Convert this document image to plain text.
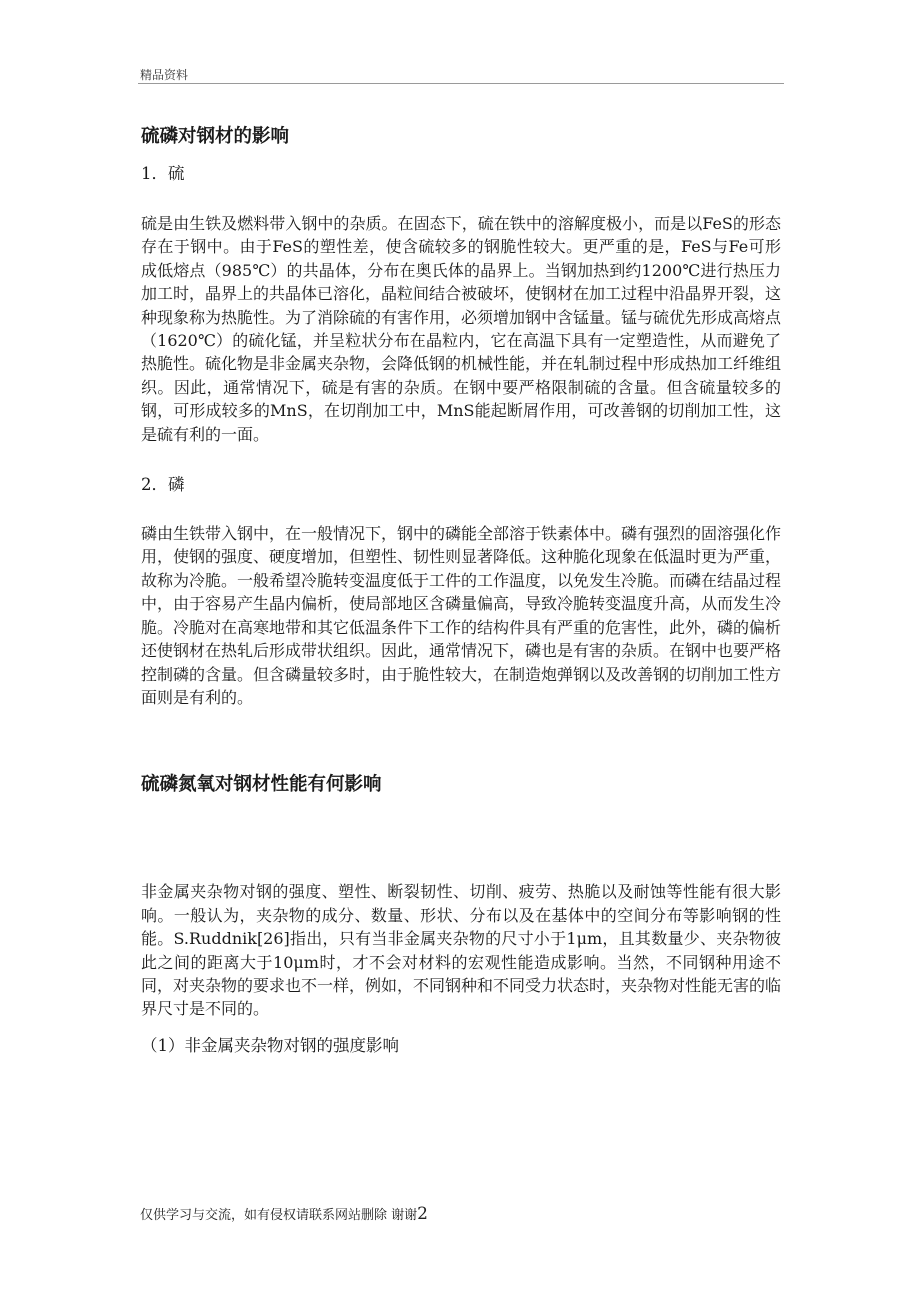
精品资料
硫磷对钢材的影响

1．硫

硫是由生铁及燃料带入钢中的杂质。在固态下，硫在铁中的溶解度极小，而是以FeS的形态存在于钢中。由于FeS的塑性差，使含硫较多的钢脆性较大。更严重的是，FeS与Fe可形成低熔点（985℃）的共晶体，分布在奥氏体的晶界上。当钢加热到约1200℃进行热压力加工时，晶界上的共晶体已溶化，晶粒间结合被破坏，使钢材在加工过程中沿晶界开裂，这种现象称为热脆性。为了消除硫的有害作用，必须增加钢中含锰量。锰与硫优先形成高熔点（1620℃）的硫化锰，并呈粒状分布在晶粒内，它在高温下具有一定塑造性，从而避免了热脆性。硫化物是非金属夹杂物，会降低钢的机械性能，并在轧制过程中形成热加工纤维组织。因此，通常情况下，硫是有害的杂质。在钢中要严格限制硫的含量。但含硫量较多的钢，可形成较多的MnS，在切削加工中，MnS能起断屑作用，可改善钢的切削加工性，这是硫有利的一面。

2．磷

磷由生铁带入钢中，在一般情况下，钢中的磷能全部溶于铁素体中。磷有强烈的固溶强化作用，使钢的强度、硬度增加，但塑性、韧性则显著降低。这种脆化现象在低温时更为严重，故称为冷脆。一般希望冷脆转变温度低于工件的工作温度，以免发生冷脆。而磷在结晶过程中，由于容易产生晶内偏析，使局部地区含磷量偏高，导致冷脆转变温度升高，从而发生冷脆。冷脆对在高寒地带和其它低温条件下工作的结构件具有严重的危害性，此外，磷的偏析还使钢材在热轧后形成带状组织。因此，通常情况下，磷也是有害的杂质。在钢中也要严格控制磷的含量。但含磷量较多时，由于脆性较大，在制造炮弹钢以及改善钢的切削加工性方面则是有利的。

硫磷氮氧对钢材性能有何影响

非金属夹杂物对钢的强度、塑性、断裂韧性、切削、疲劳、热脆以及耐蚀等性能有很大影响。一般认为，夹杂物的成分、数量、形状、分布以及在基体中的空间分布等影响钢的性能。S.Ruddnik[26]指出，只有当非金属夹杂物的尺寸小于1μm，且其数量少、夹杂物彼此之间的距离大于10μm时，才不会对材料的宏观性能造成影响。当然，不同钢种用途不同，对夹杂物的要求也不一样，例如，不同钢种和不同受力状态时，夹杂物对性能无害的临界尺寸是不同的。

（1）非金属夹杂物对钢的强度影响

仅供学习与交流，如有侵权请联系网站删除 谢谢2
